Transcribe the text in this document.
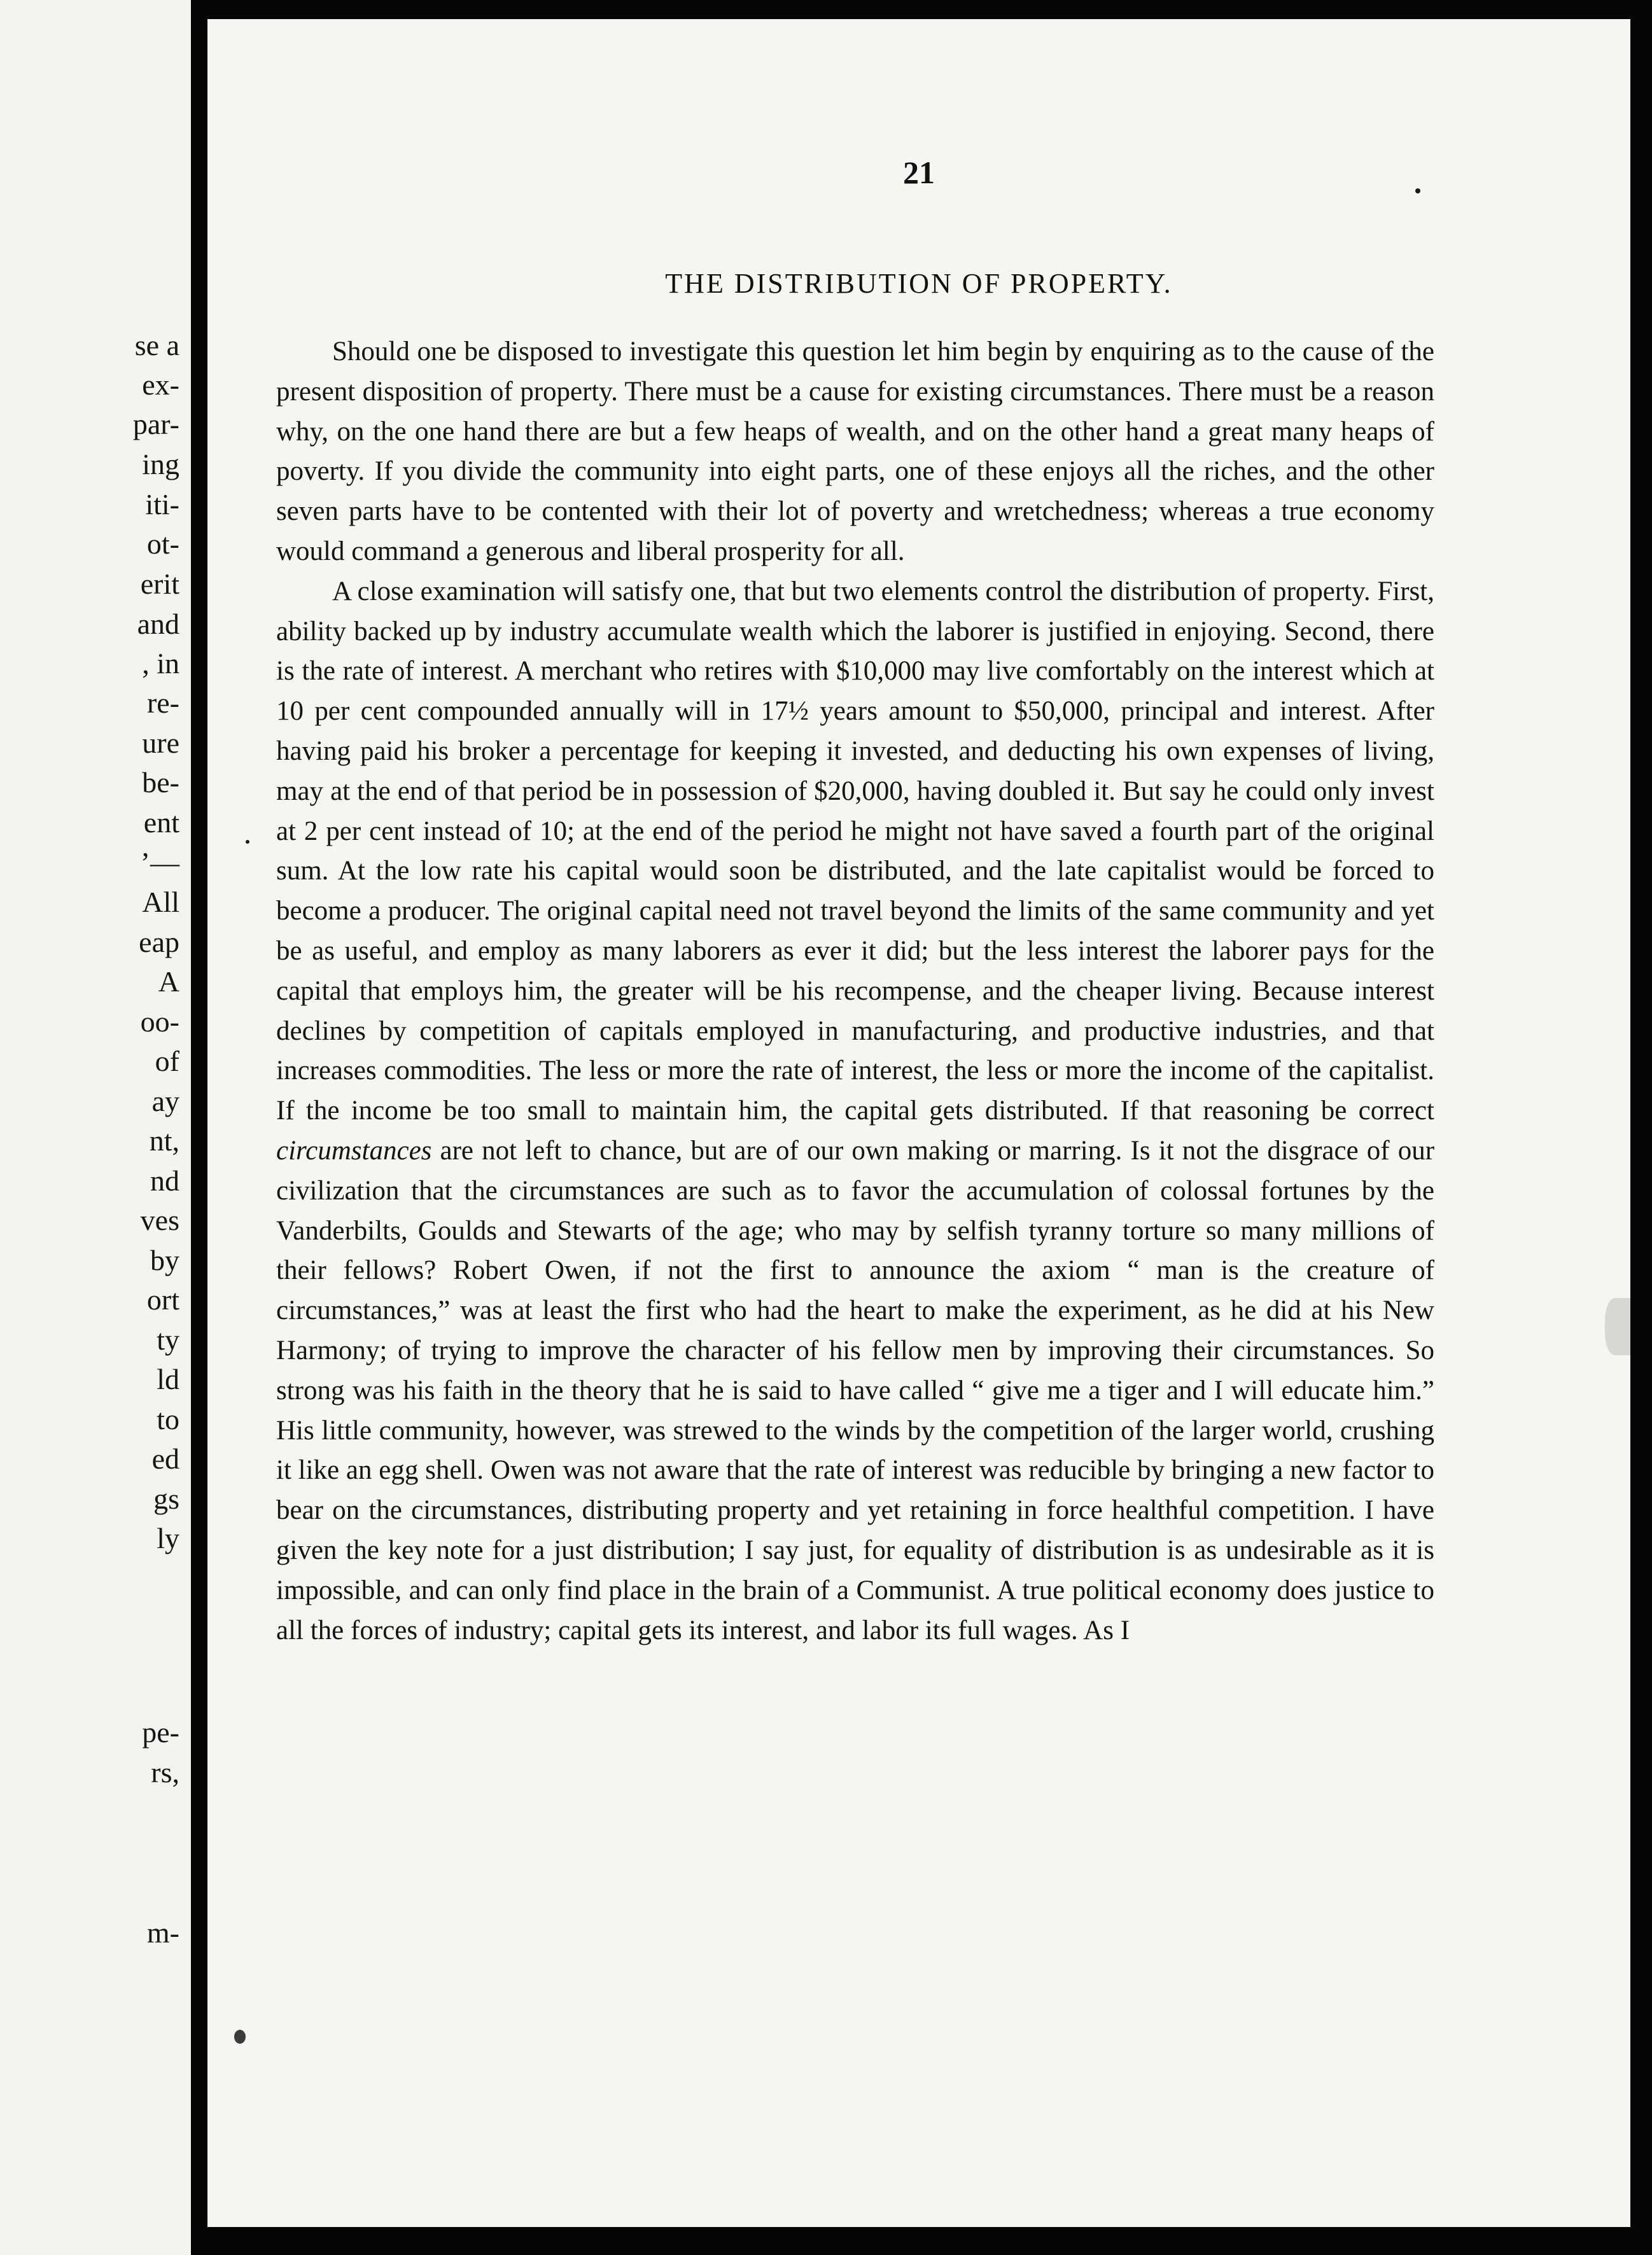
se a
ex-
par-
ing
iti-
ot-
erit
and
, in
re-
ure
be-
ent
’—
All
eap
A
oo-
of
ay
nt,
nd
ves
by
ort
ty
ld
to
ed
gs
ly
pe-
rs,
m-
21
THE DISTRIBUTION OF PROPERTY.

Should one be disposed to investigate this question let him begin by enquiring as to the cause of the present disposition of property. There must be a cause for existing circumstances. There must be a reason why, on the one hand there are but a few heaps of wealth, and on the other hand a great many heaps of poverty. If you divide the community into eight parts, one of these enjoys all the riches, and the other seven parts have to be contented with their lot of poverty and wretchedness; whereas a true economy would command a generous and liberal prosperity for all.

A close examination will satisfy one, that but two elements control the distribution of property. First, ability backed up by industry accumulate wealth which the laborer is justified in enjoying. Second, there is the rate of interest. A merchant who retires with $10,000 may live comfortably on the interest which at 10 per cent compounded annually will in 17½ years amount to $50,000, principal and interest. After having paid his broker a percentage for keeping it invested, and deducting his own expenses of living, may at the end of that period be in possession of $20,000, having doubled it. But say he could only invest at 2 per cent instead of 10; at the end of the period he might not have saved a fourth part of the original sum. At the low rate his capital would soon be distributed, and the late capitalist would be forced to become a producer. The original capital need not travel beyond the limits of the same community and yet be as useful, and employ as many laborers as ever it did; but the less interest the laborer pays for the capital that employs him, the greater will be his recompense, and the cheaper living. Because interest declines by competition of capitals employed in manufacturing, and productive industries, and that increases commodities. The less or more the rate of interest, the less or more the income of the capitalist. If the income be too small to maintain him, the capital gets distributed. If that reasoning be correct circumstances are not left to chance, but are of our own making or marring. Is it not the disgrace of our civilization that the circumstances are such as to favor the accumulation of colossal fortunes by the Vanderbilts, Goulds and Stewarts of the age; who may by selfish tyranny torture so many millions of their fellows? Robert Owen, if not the first to announce the axiom “ man is the creature of circumstances,” was at least the first who had the heart to make the experiment, as he did at his New Harmony; of trying to improve the character of his fellow men by improving their circumstances. So strong was his faith in the theory that he is said to have called “ give me a tiger and I will educate him.” His little community, however, was strewed to the winds by the competition of the larger world, crushing it like an egg shell. Owen was not aware that the rate of interest was reducible by bringing a new factor to bear on the circumstances, distributing property and yet retaining in force healthful competition. I have given the key note for a just distribution; I say just, for equality of distribution is as undesirable as it is impossible, and can only find place in the brain of a Communist. A true political economy does justice to all the forces of industry; capital gets its interest, and labor its full wages. As I
